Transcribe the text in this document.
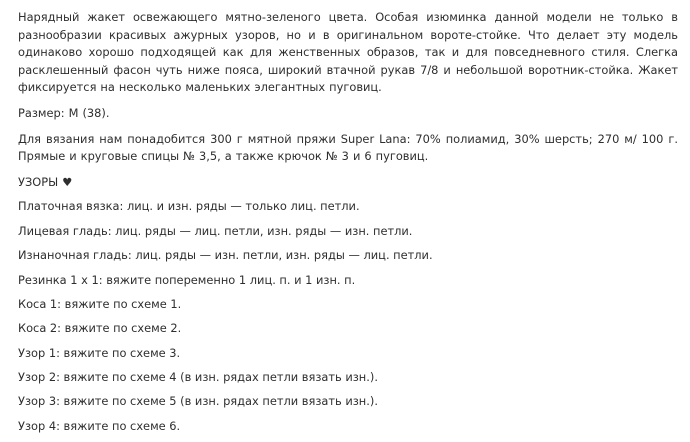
Нарядный жакет освежающего мятно-зеленого цвета. Особая изюминка данной модели не только в разнообразии красивых ажурных узоров, но и в оригинальном вороте-стойке. Что делает эту модель одинаково хорошо подходящей как для женственных образов, так и для повседневного стиля. Слегка расклешенный фасон чуть ниже пояса, широкий втачной рукав 7/8 и небольшой воротник-стойка. Жакет фиксируется на несколько маленьких элегантных пуговиц.

Размер: M (38).

Для вязания нам понадобится 300 г мятной пряжи Super Lana: 70% полиамид, 30% шерсть; 270 м/ 100 г. Прямые и круговые спицы № 3,5, а также крючок № 3 и 6 пуговиц.

УЗОРЫ ♥

Платочная вязка: лиц. и изн. ряды — только лиц. петли.

Лицевая гладь: лиц. ряды — лиц. петли, изн. ряды — изн. петли.

Изнаночная гладь: лиц. ряды — изн. петли, изн. ряды — лиц. петли.

Резинка 1 х 1: вяжите попеременно 1 лиц. п. и 1 изн. п.

Коса 1: вяжите по схеме 1.

Коса 2: вяжите по схеме 2.

Узор 1: вяжите по схеме 3.

Узор 2: вяжите по схеме 4 (в изн. рядах петли вязать изн.).

Узор 3: вяжите по схеме 5 (в изн. рядах петли вязать изн.).

Узор 4: вяжите по схеме 6.
